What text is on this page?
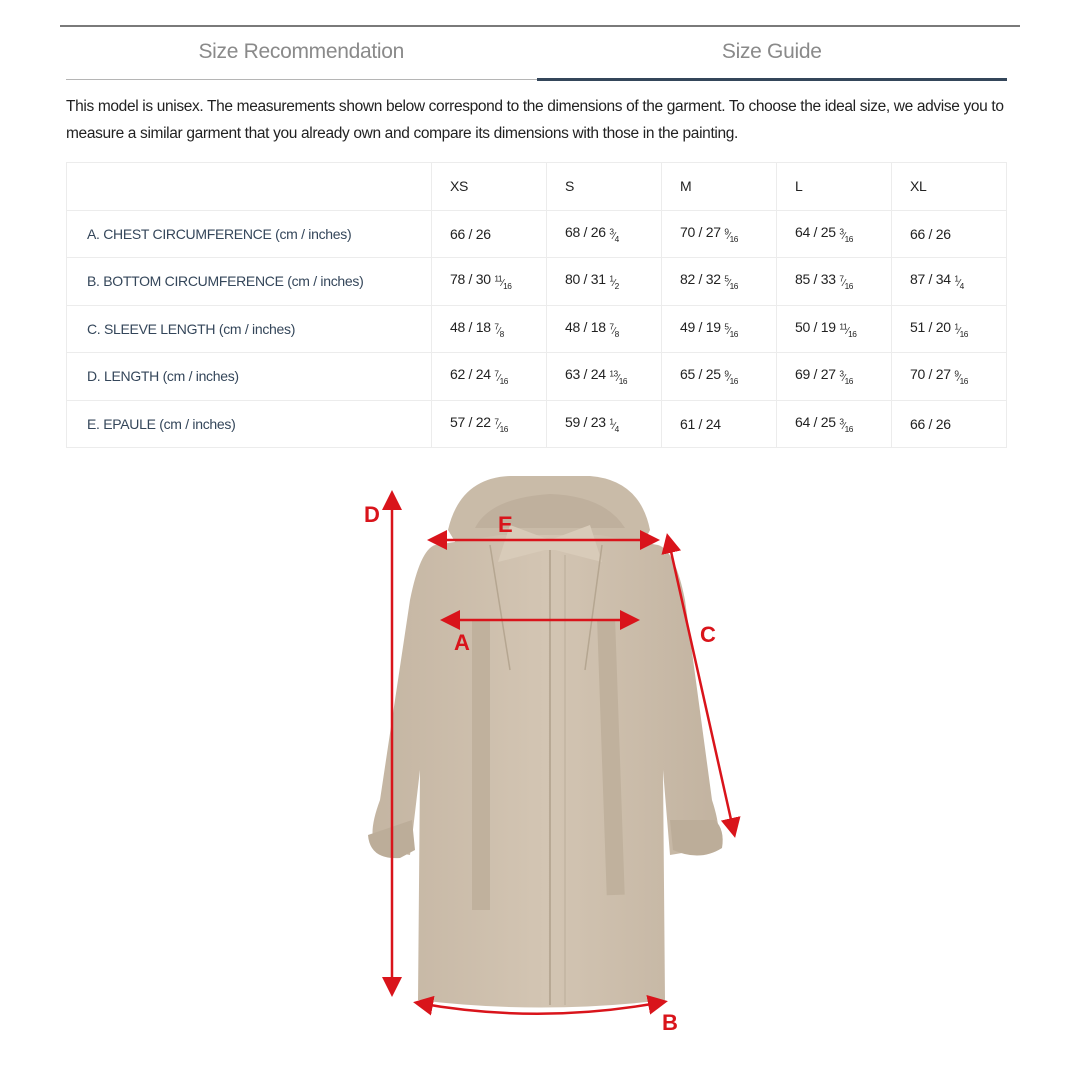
Size Recommendation	Size Guide

This model is unisex. The measurements shown below correspond to the dimensions of the garment. To choose the ideal size, we advise you to measure a similar garment that you already own and compare its dimensions with those in the painting.

	XS	S	M	L	XL
A. CHEST CIRCUMFERENCE (cm / inches)	66 / 26	68 / 26 $^3⁄_4$	70 / 27 $^9⁄_{16}$	64 / 25 $^3⁄_{16}$	66 / 26
B. BOTTOM CIRCUMFERENCE (cm / inches)	78 / 30 $^{11}⁄_{16}$	80 / 31 $^1⁄_2$	82 / 32 $^5⁄_{16}$	85 / 33 $^7⁄_{16}$	87 / 34 $^1⁄_4$
C. SLEEVE LENGTH (cm / inches)	48 / 18 $^7⁄_8$	48 / 18 $^7⁄_8$	49 / 19 $^5⁄_{16}$	50 / 19 $^{11}⁄_{16}$	51 / 20 $^1⁄_{16}$
D. LENGTH (cm / inches)	62 / 24 $^7⁄_{16}$	63 / 24 $^{13}⁄_{16}$	65 / 25 $^9⁄_{16}$	69 / 27 $^3⁄_{16}$	70 / 27 $^9⁄_{16}$
E. EPAULE (cm / inches)	57 / 22 $^7⁄_{16}$	59 / 23 $^1⁄_4$	61 / 24	64 / 25 $^3⁄_{16}$	66 / 26
D	E
A	C
B
